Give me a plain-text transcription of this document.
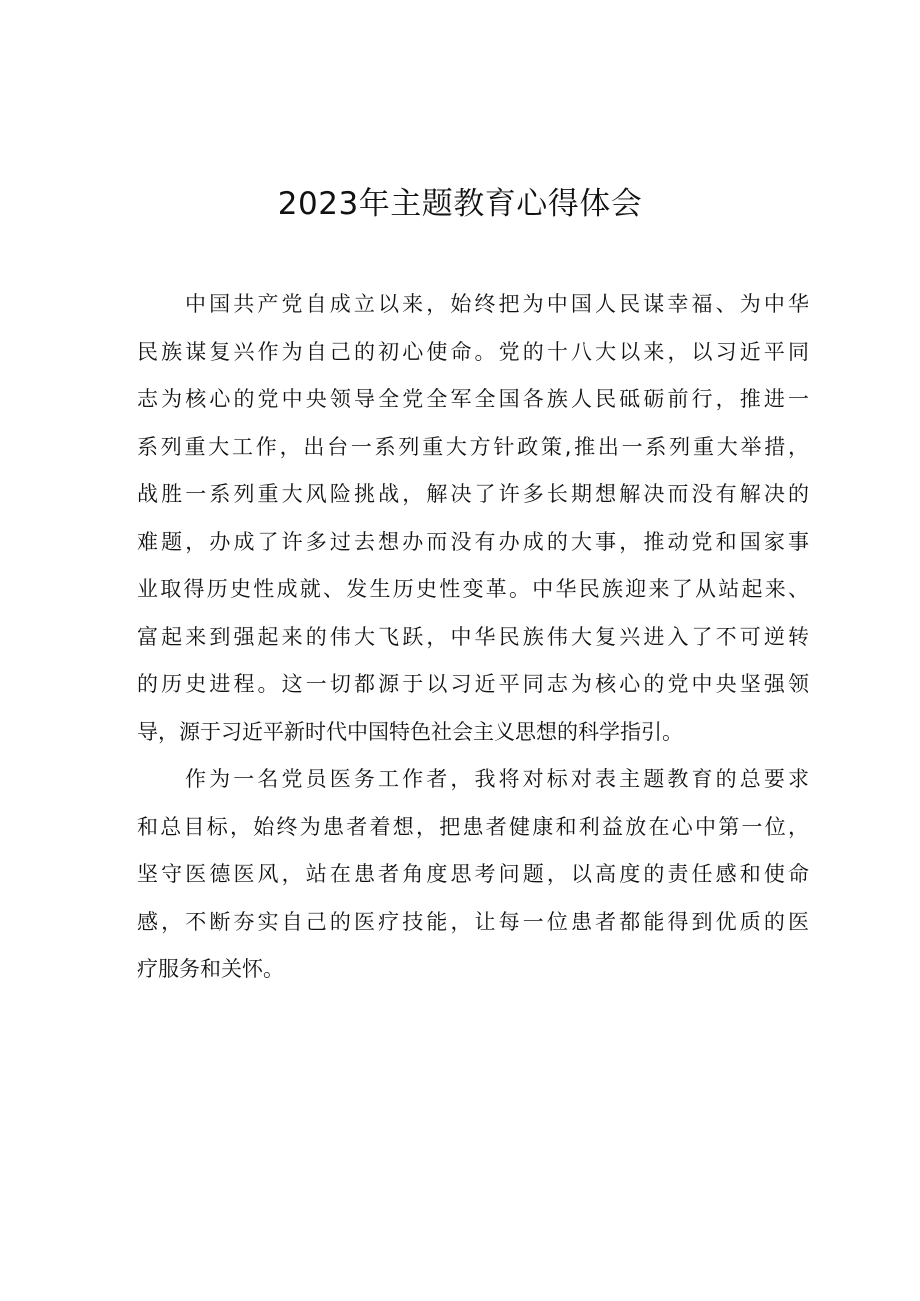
2023年主题教育心得体会

中国共产党自成立以来，始终把为中国人民谋幸福、为中华
民族谋复兴作为自己的初心使命。党的十八大以来，以习近平同
志为核心的党中央领导全党全军全国各族人民砥砺前行，推进一
系列重大工作，出台一系列重大方针政策,推出一系列重大举措，
战胜一系列重大风险挑战，解决了许多长期想解决而没有解决的
难题，办成了许多过去想办而没有办成的大事，推动党和国家事
业取得历史性成就、发生历史性变革。中华民族迎来了从站起来、
富起来到强起来的伟大飞跃，中华民族伟大复兴进入了不可逆转
的历史进程。这一切都源于以习近平同志为核心的党中央坚强领
导，源于习近平新时代中国特色社会主义思想的科学指引。

作为一名党员医务工作者，我将对标对表主题教育的总要求
和总目标，始终为患者着想，把患者健康和利益放在心中第一位，
坚守医德医风，站在患者角度思考问题，以高度的责任感和使命
感，不断夯实自己的医疗技能，让每一位患者都能得到优质的医
疗服务和关怀。
